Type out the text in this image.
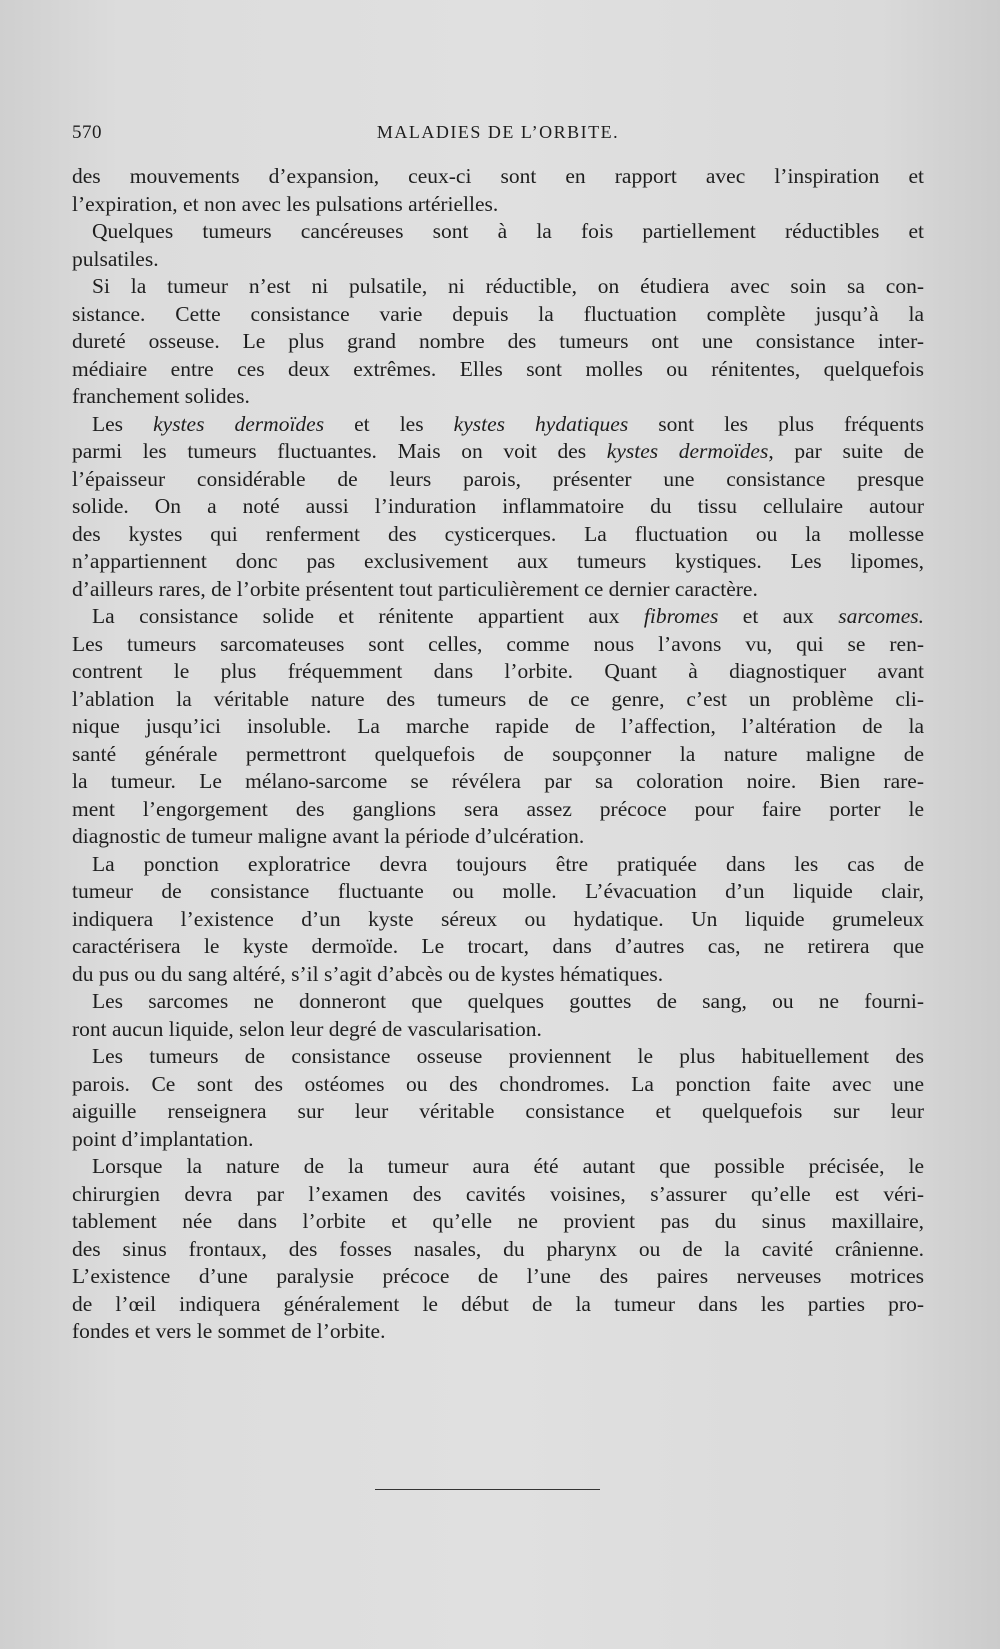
570	MALADIES DE L’ORBITE.
des mouvements d’expansion, ceux-ci sont en rapport avec l’inspiration et
l’expiration, et non avec les pulsations artérielles.
Quelques tumeurs cancéreuses sont à la fois partiellement réductibles et
pulsatiles.
Si la tumeur n’est ni pulsatile, ni réductible, on étudiera avec soin sa con-
sistance. Cette consistance varie depuis la fluctuation complète jusqu’à la
dureté osseuse. Le plus grand nombre des tumeurs ont une consistance inter-
médiaire entre ces deux extrêmes. Elles sont molles ou rénitentes, quelquefois
franchement solides.
Les kystes dermoïdes et les kystes hydatiques sont les plus fréquents
parmi les tumeurs fluctuantes. Mais on voit des kystes dermoïdes, par suite de
l’épaisseur considérable de leurs parois, présenter une consistance presque
solide. On a noté aussi l’induration inflammatoire du tissu cellulaire autour
des kystes qui renferment des cysticerques. La fluctuation ou la mollesse
n’appartiennent donc pas exclusivement aux tumeurs kystiques. Les lipomes,
d’ailleurs rares, de l’orbite présentent tout particulièrement ce dernier caractère.
La consistance solide et rénitente appartient aux fibromes et aux sarcomes.
Les tumeurs sarcomateuses sont celles, comme nous l’avons vu, qui se ren-
contrent le plus fréquemment dans l’orbite. Quant à diagnostiquer avant
l’ablation la véritable nature des tumeurs de ce genre, c’est un problème cli-
nique jusqu’ici insoluble. La marche rapide de l’affection, l’altération de la
santé générale permettront quelquefois de soupçonner la nature maligne de
la tumeur. Le mélano-sarcome se révélera par sa coloration noire. Bien rare-
ment l’engorgement des ganglions sera assez précoce pour faire porter le
diagnostic de tumeur maligne avant la période d’ulcération.
La ponction exploratrice devra toujours être pratiquée dans les cas de
tumeur de consistance fluctuante ou molle. L’évacuation d’un liquide clair,
indiquera l’existence d’un kyste séreux ou hydatique. Un liquide grumeleux
caractérisera le kyste dermoïde. Le trocart, dans d’autres cas, ne retirera que
du pus ou du sang altéré, s’il s’agit d’abcès ou de kystes hématiques.
Les sarcomes ne donneront que quelques gouttes de sang, ou ne fourni-
ront aucun liquide, selon leur degré de vascularisation.
Les tumeurs de consistance osseuse proviennent le plus habituellement des
parois. Ce sont des ostéomes ou des chondromes. La ponction faite avec une
aiguille renseignera sur leur véritable consistance et quelquefois sur leur
point d’implantation.
Lorsque la nature de la tumeur aura été autant que possible précisée, le
chirurgien devra par l’examen des cavités voisines, s’assurer qu’elle est véri-
tablement née dans l’orbite et qu’elle ne provient pas du sinus maxillaire,
des sinus frontaux, des fosses nasales, du pharynx ou de la cavité crânienne.
L’existence d’une paralysie précoce de l’une des paires nerveuses motrices
de l’œil indiquera généralement le début de la tumeur dans les parties pro-
fondes et vers le sommet de l’orbite.
